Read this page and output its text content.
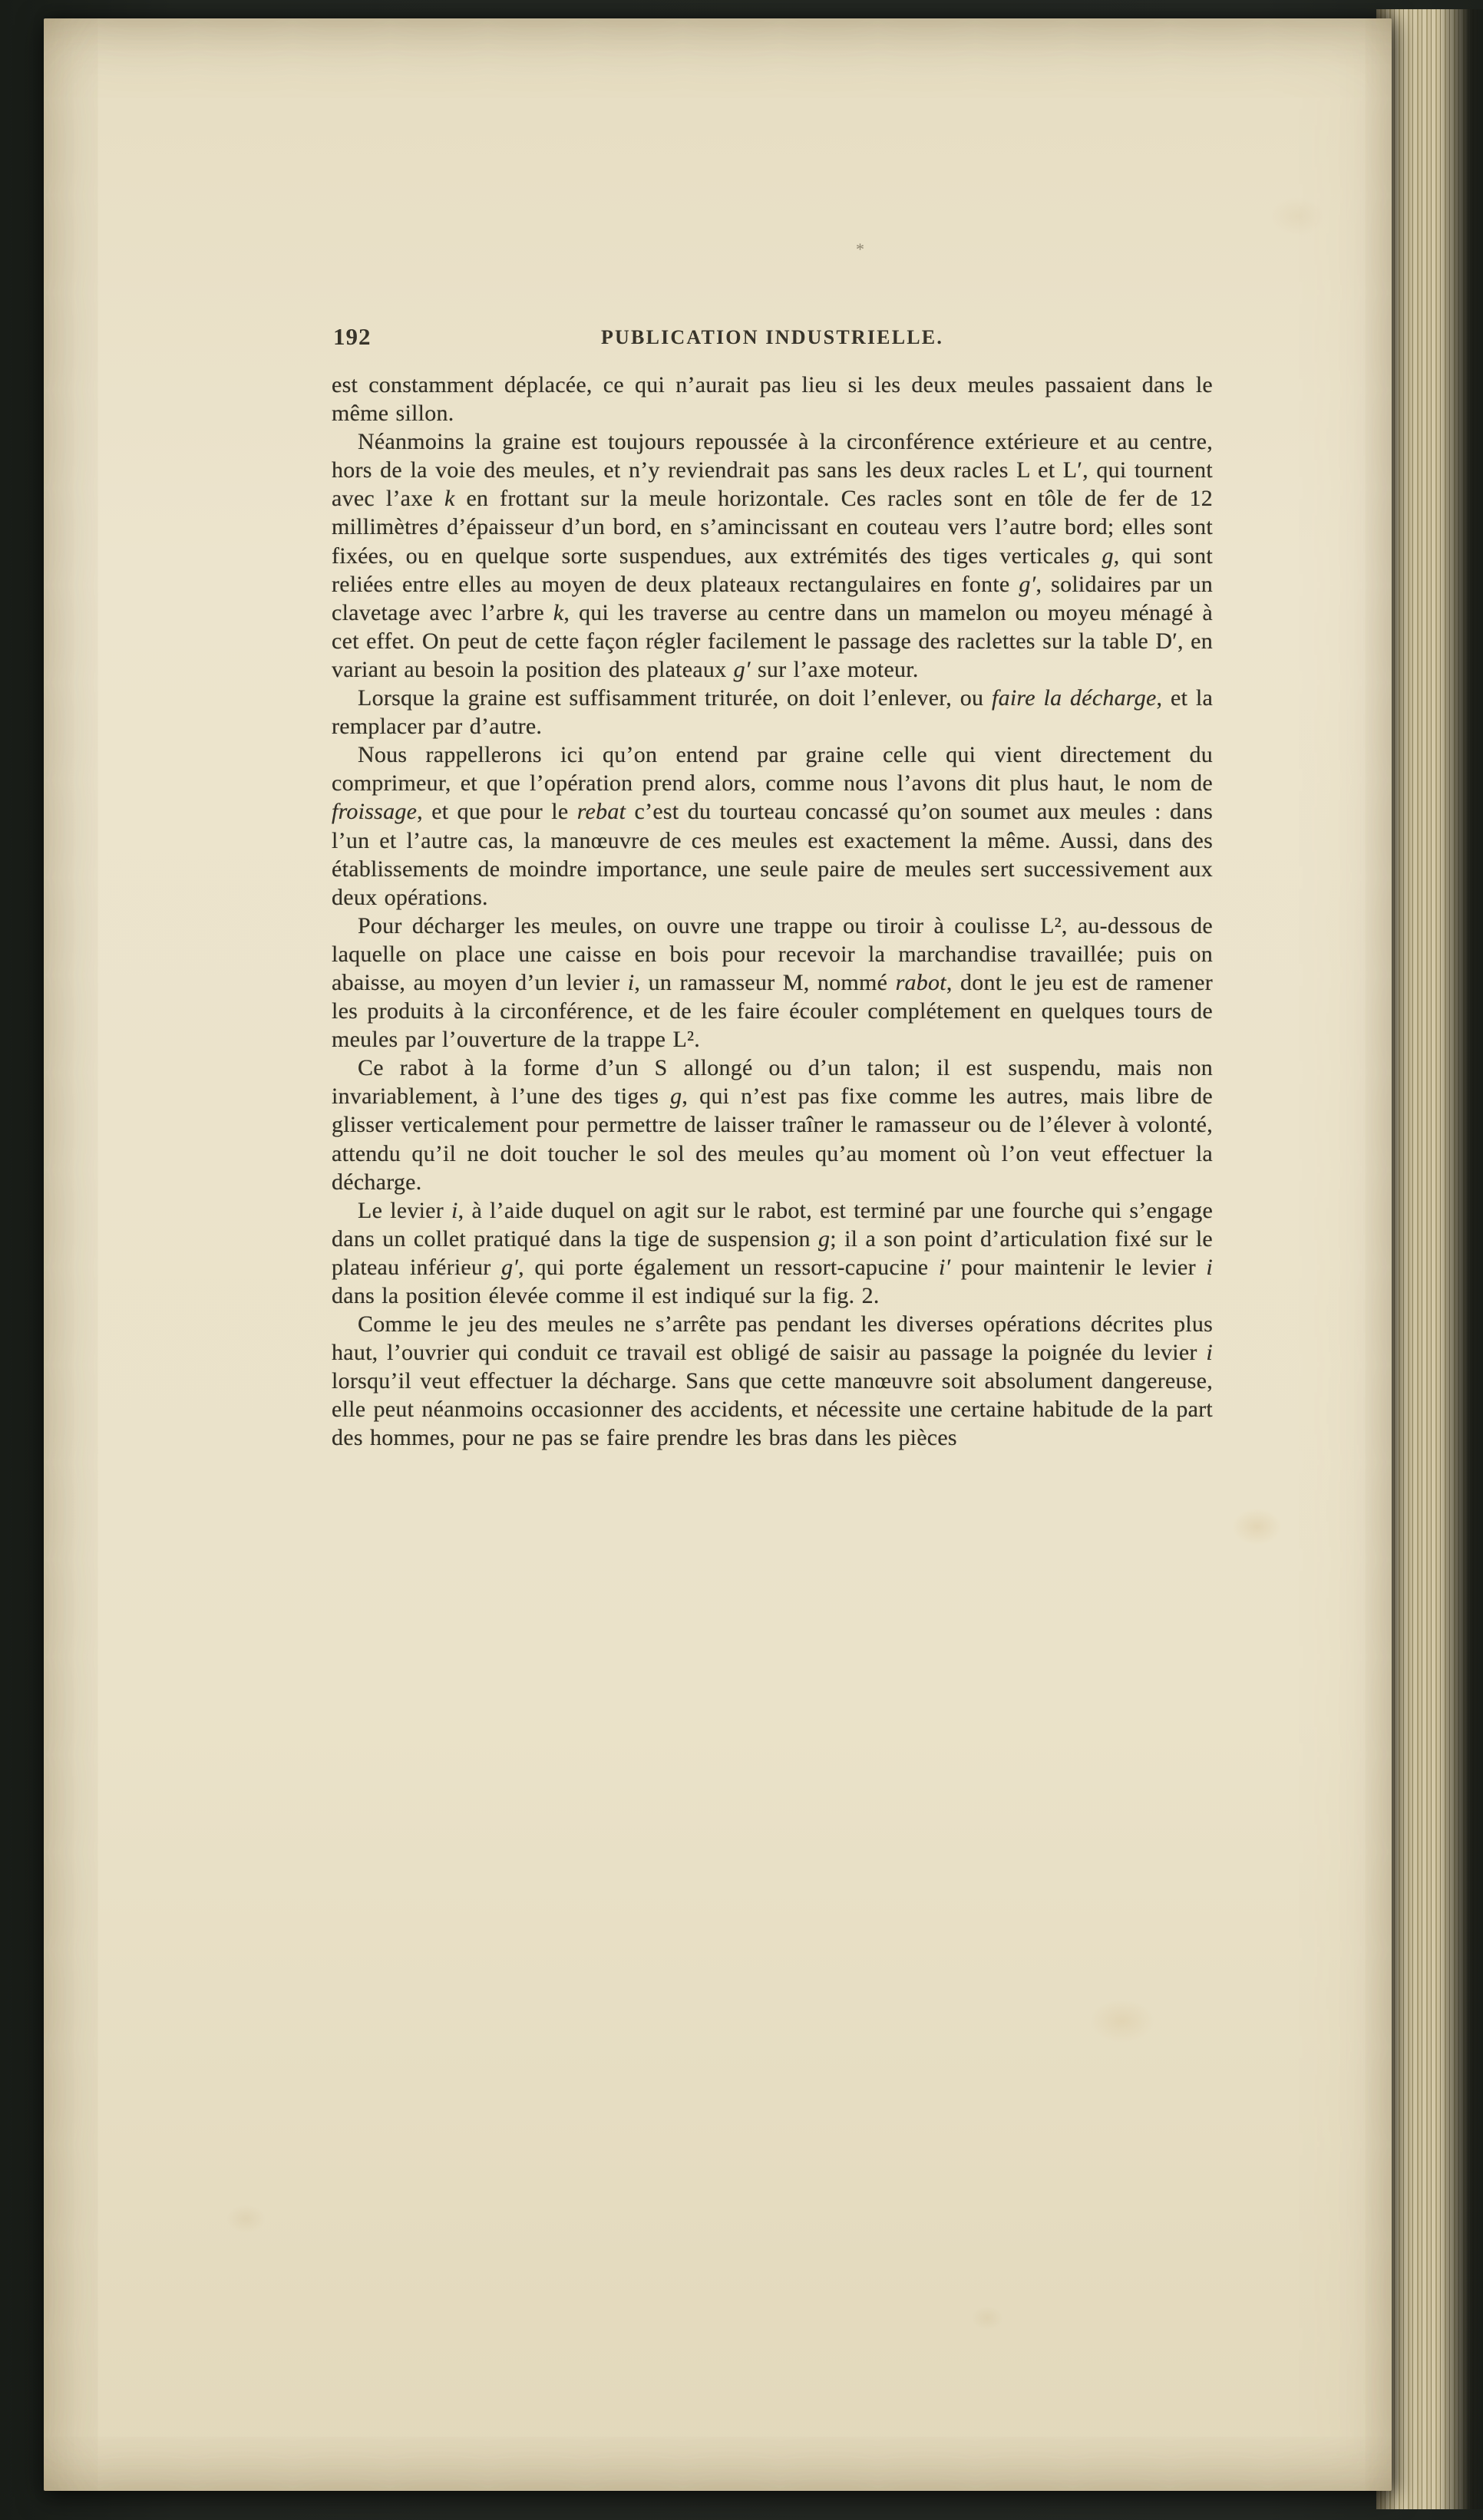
*
192	PUBLICATION INDUSTRIELLE.

est constamment déplacée, ce qui n’aurait pas lieu si les deux meules passaient dans le même sillon.

Néanmoins la graine est toujours repoussée à la circonférence extérieure et au centre, hors de la voie des meules, et n’y reviendrait pas sans les deux racles L et L′, qui tournent avec l’axe k en frottant sur la meule horizontale. Ces racles sont en tôle de fer de 12 millimètres d’épaisseur d’un bord, en s’amincissant en couteau vers l’autre bord; elles sont fixées, ou en quelque sorte suspendues, aux extrémités des tiges verticales g, qui sont reliées entre elles au moyen de deux plateaux rectangulaires en fonte g′, solidaires par un clavetage avec l’arbre k, qui les traverse au centre dans un mamelon ou moyeu ménagé à cet effet. On peut de cette façon régler facilement le passage des raclettes sur la table D′, en variant au besoin la position des plateaux g′ sur l’axe moteur.

Lorsque la graine est suffisamment triturée, on doit l’enlever, ou faire la décharge, et la remplacer par d’autre.

Nous rappellerons ici qu’on entend par graine celle qui vient directement du comprimeur, et que l’opération prend alors, comme nous l’avons dit plus haut, le nom de froissage, et que pour le rebat c’est du tourteau concassé qu’on soumet aux meules : dans l’un et l’autre cas, la manœuvre de ces meules est exactement la même. Aussi, dans des établissements de moindre importance, une seule paire de meules sert successivement aux deux opérations.

Pour décharger les meules, on ouvre une trappe ou tiroir à coulisse L², au-dessous de laquelle on place une caisse en bois pour recevoir la marchandise travaillée; puis on abaisse, au moyen d’un levier i, un ramasseur M, nommé rabot, dont le jeu est de ramener les produits à la circonférence, et de les faire écouler complétement en quelques tours de meules par l’ouverture de la trappe L².

Ce rabot à la forme d’un S allongé ou d’un talon; il est suspendu, mais non invariablement, à l’une des tiges g, qui n’est pas fixe comme les autres, mais libre de glisser verticalement pour permettre de laisser traîner le ramasseur ou de l’élever à volonté, attendu qu’il ne doit toucher le sol des meules qu’au moment où l’on veut effectuer la décharge.

Le levier i, à l’aide duquel on agit sur le rabot, est terminé par une fourche qui s’engage dans un collet pratiqué dans la tige de suspension g; il a son point d’articulation fixé sur le plateau inférieur g′, qui porte également un ressort-capucine i′ pour maintenir le levier i dans la position élevée comme il est indiqué sur la fig. 2.

Comme le jeu des meules ne s’arrête pas pendant les diverses opérations décrites plus haut, l’ouvrier qui conduit ce travail est obligé de saisir au passage la poignée du levier i lorsqu’il veut effectuer la décharge. Sans que cette manœuvre soit absolument dangereuse, elle peut néanmoins occasionner des accidents, et nécessite une certaine habitude de la part des hommes, pour ne pas se faire prendre les bras dans les pièces
